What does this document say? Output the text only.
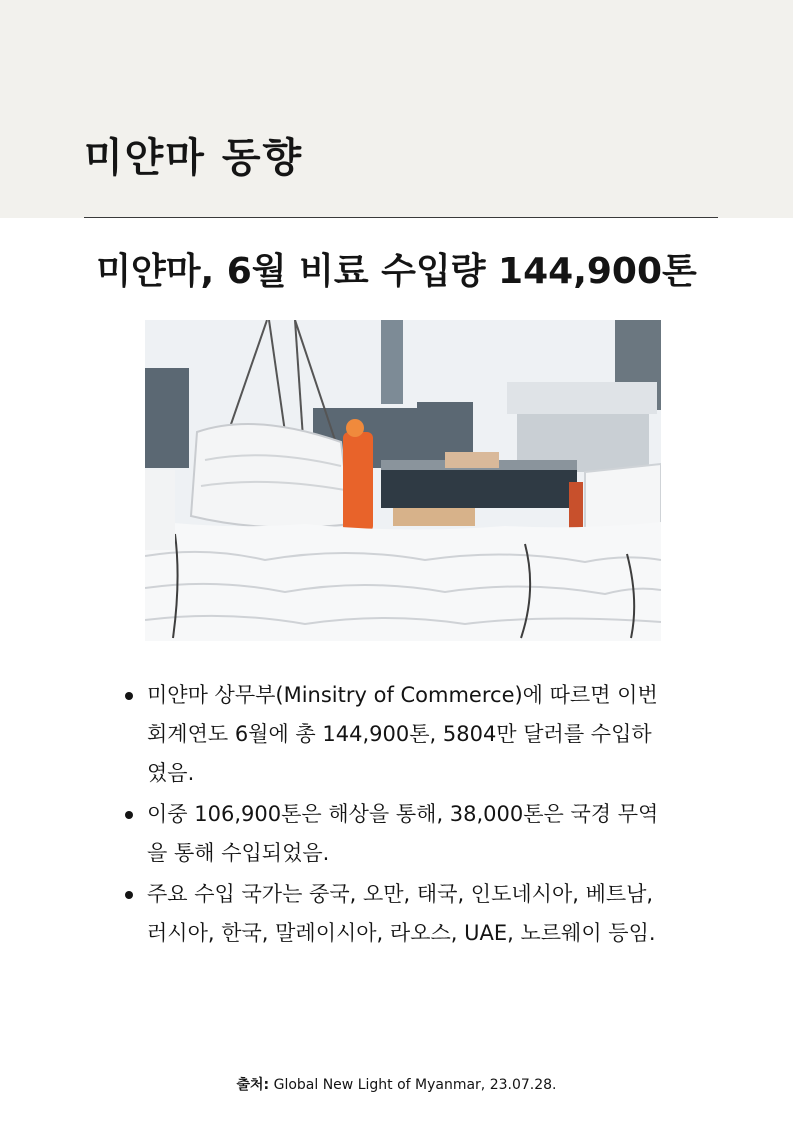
미얀마 동향
미얀마, 6월 비료 수입량 144,900톤
미얀마 상무부(Minsitry of Commerce)에 따르면 이번 회계연도 6월에 총 144,900톤, 5804만 달러를 수입하였음.
이중 106,900톤은 해상을 통해, 38,000톤은 국경 무역을 통해 수입되었음.
주요 수입 국가는 중국, 오만, 태국, 인도네시아, 베트남, 러시아, 한국, 말레이시아, 라오스, UAE, 노르웨이 등임.
출처: Global New Light of Myanmar, 23.07.28.
